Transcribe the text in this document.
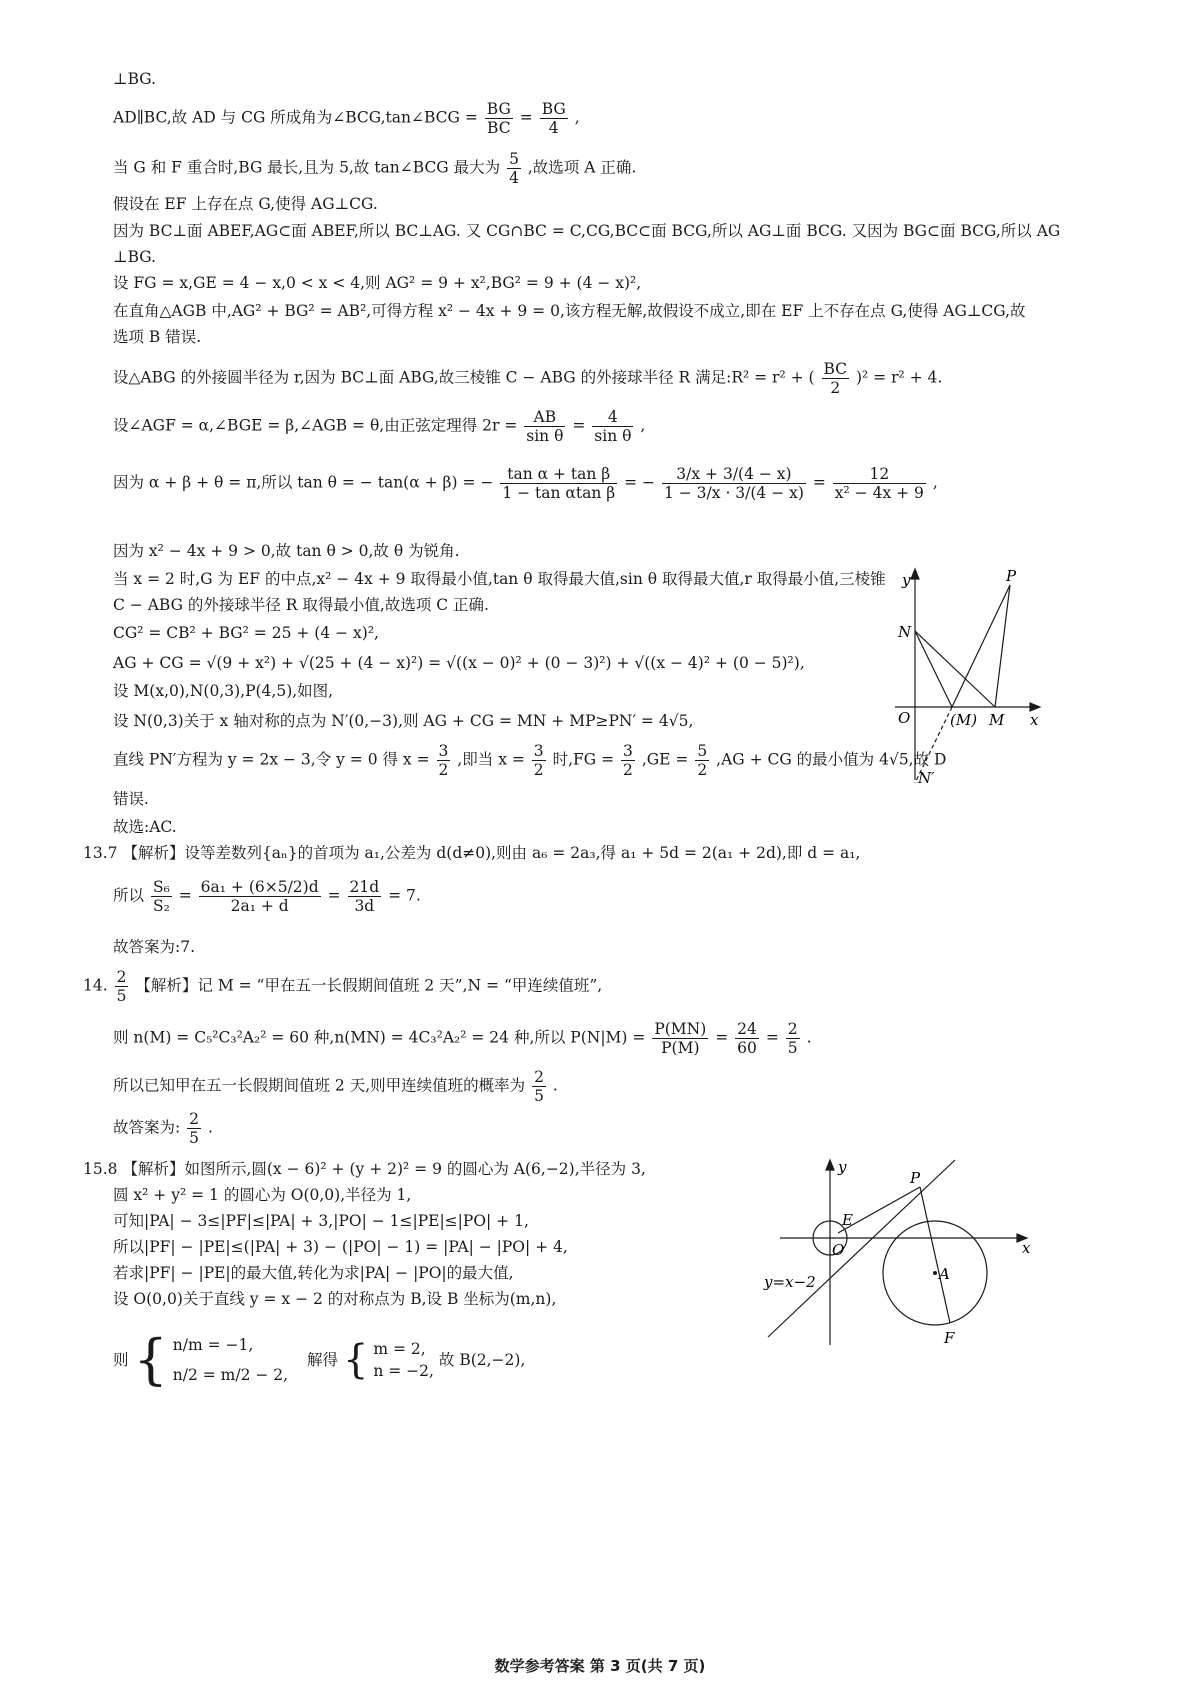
⊥BG.
AD∥BC,故 AD 与 CG 所成角为∠BCG,tan∠BCG = $\frac{BG}{BC} = \frac{BG}{4}$ ,
当 G 和 F 重合时,BG 最长,且为 5,故 tan∠BCG 最大为 $\frac{5}{4}$ ,故选项 A 正确.
假设在 EF 上存在点 G,使得 AG⊥CG.
因为 BC⊥面 ABEF,AG⊂面 ABEF,所以 BC⊥AG. 又 CG∩BC = C,CG,BC⊂面 BCG,所以 AG⊥面 BCG. 又因为 BG⊂面 BCG,所以 AG
⊥BG.
设 FG = x,GE = 4 − x,0 < x < 4,则 AG² = 9 + x²,BG² = 9 + (4 − x)²,
在直角△AGB 中,AG² + BG² = AB²,可得方程 x² − 4x + 9 = 0,该方程无解,故假设不成立,即在 EF 上不存在点 G,使得 AG⊥CG,故
选项 B 错误.
设△ABG 的外接圆半径为 r,因为 BC⊥面 ABG,故三棱锥 C − ABG 的外接球半径 R 满足:R² = r² + ( $\frac{BC}{2} )^2 = r^2 + 4$.
设∠AGF = α,∠BGE = β,∠AGB = θ,由正弦定理得 $2r = \frac{AB}{\text{sin θ}} = \frac{4}{\text{sin θ}}$ ,
因为 α + β + θ = π,所以 tan θ = − tan(α + β) = − $\frac{\text{tan α + tan β}}{\text{1 − tan αtan β}}$ = − $\frac{3/x + 3/(4 - x)}{1 - 3/x \cdot 3/(4 - x)} = \frac{12}{\text{x² − 4x + 9}}$ ,
因为 x² − 4x + 9 > 0,故 tan θ > 0,故 θ 为锐角.
当 x = 2 时,G 为 EF 的中点,x² − 4x + 9 取得最小值,tan θ 取得最大值,sin θ 取得最大值,r 取得最小值,三棱锥
C − ABG 的外接球半径 R 取得最小值,故选项 C 正确.
CG² = CB² + BG² = 25 + (4 − x)²,
AG + CG = √(9 + x²) + √(25 + (4 − x)²) = √((x − 0)² + (0 − 3)²) + √((x − 4)² + (0 − 5)²),
设 M(x,0),N(0,3),P(4,5),如图,
设 N(0,3)关于 x 轴对称的点为 N′(0,−3),则 AG + CG = MN + MP≥PN′ = 4√5,
直线 PN′方程为 y = 2x − 3,令 y = 0 得 $x = \frac{3}{2}$ ,即当 $x = \frac{3}{2}$ 时$,FG = \frac{3}{2} ,GE = \frac{5}{2} ,AG$ + CG 的最小值为 4√5,故 D
错误.
故选:AC.
13.7 【解析】设等差数列{aₙ}的首项为 a₁,公差为 d(d≠0),则由 a₆ = 2a₃,得 a₁ + 5d = 2(a₁ + 2d),即 d = a₁,
所以 $\frac{\text{S₆}}{\text{S₂}} = \frac{\text{6a₁ + (6×5/2)d}}{\text{2a₁ + d}} = \frac{21d}{3d} = 7$.
故答案为:7.
14. $\frac{2}{5}$ 【解析】记 M = “甲在五一长假期间值班 2 天”,N = “甲连续值班”,
则 n(M) = C₅²C₃²A₂² = 60 种,n(MN) = 4C₃²A₂² = 24 种,所以 $P(N|M) = \frac{P(MN)}{P(M)} = \frac{24}{60} = \frac{2}{5}$ .
所以已知甲在五一长假期间值班 2 天,则甲连续值班的概率为 $\frac{2}{5}$ .
故答案为: $\frac{2}{5}$ .
15.8 【解析】如图所示,圆(x − 6)² + (y + 2)² = 9 的圆心为 A(6,−2),半径为 3,
圆 x² + y² = 1 的圆心为 O(0,0),半径为 1,
可知|PA| − 3≤|PF|≤|PA| + 3,|PO| − 1≤|PE|≤|PO| + 1,
所以|PF| − |PE|≤(|PA| + 3) − (|PO| − 1) = |PA| − |PO| + 4,
若求|PF| − |PE|的最大值,转化为求|PA| − |PO|的最大值,
设 O(0,0)关于直线 y = x − 2 的对称点为 B,设 B 坐标为(m,n),
则 { n/m = −1,
n/2 = m/2 − 2,
解得 { m = 2,
n = −2,
故 B(2,−2),
y
x
O
N
P
(M) M
N′
y
x
O
E
P
A
F
y=x−2
数学参考答案 第 3 页(共 7 页)
